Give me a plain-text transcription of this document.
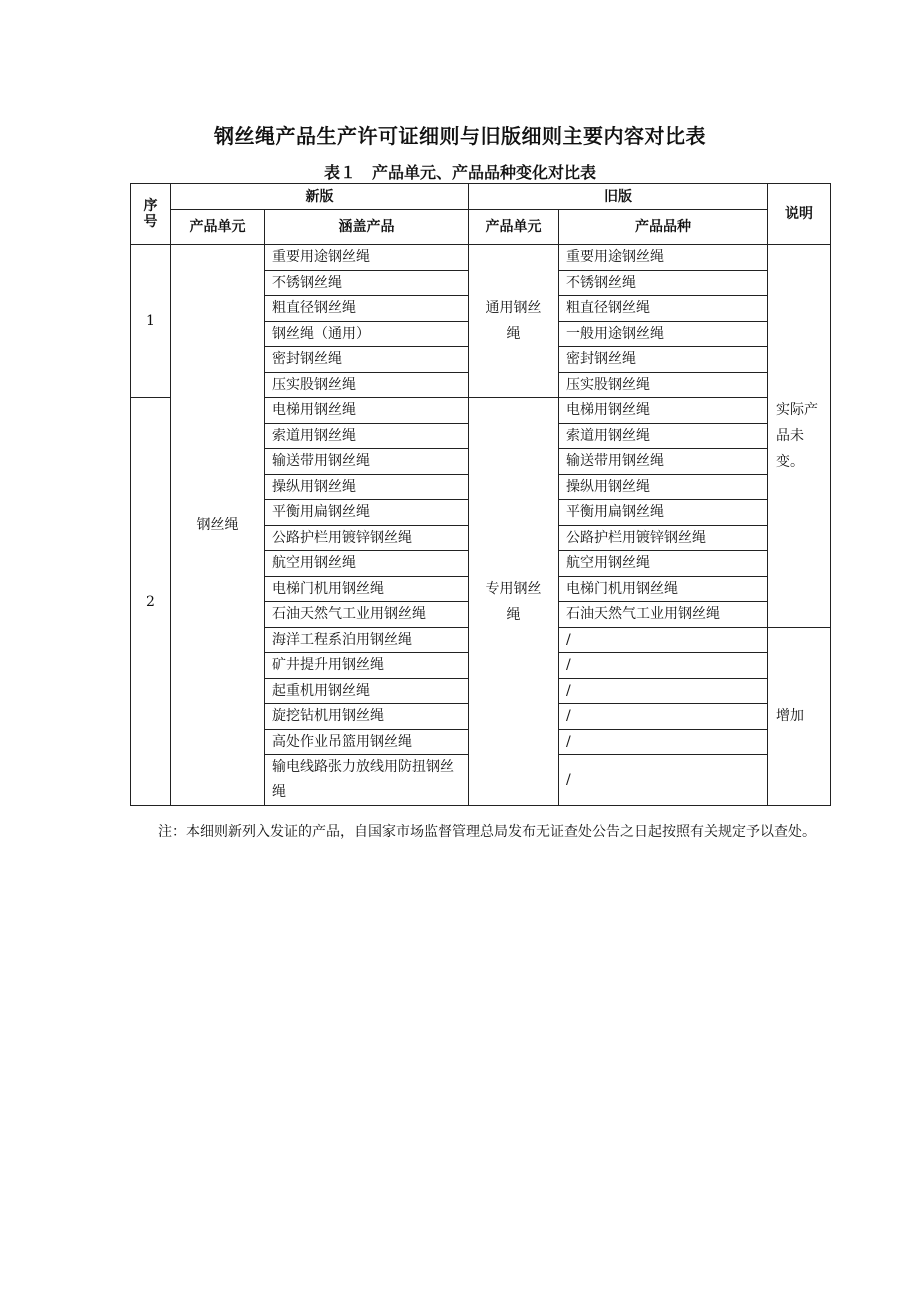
钢丝绳产品生产许可证细则与旧版细则主要内容对比表
表１　产品单元、产品品种变化对比表
序号	新版		旧版		说明
	产品单元	涵盖产品	产品单元	产品品种	
1	钢丝绳	重要用途钢丝绳	通用钢丝绳	重要用途钢丝绳	实际产品未变。
		不锈钢丝绳		不锈钢丝绳	
		粗直径钢丝绳		粗直径钢丝绳	
		钢丝绳（通用）		一般用途钢丝绳	
		密封钢丝绳		密封钢丝绳	
		压实股钢丝绳		压实股钢丝绳	
2		电梯用钢丝绳	专用钢丝绳	电梯用钢丝绳	
		索道用钢丝绳		索道用钢丝绳	
		输送带用钢丝绳		输送带用钢丝绳	
		操纵用钢丝绳		操纵用钢丝绳	
		平衡用扁钢丝绳		平衡用扁钢丝绳	
		公路护栏用镀锌钢丝绳		公路护栏用镀锌钢丝绳	
		航空用钢丝绳		航空用钢丝绳	
		电梯门机用钢丝绳		电梯门机用钢丝绳	
		石油天然气工业用钢丝绳		石油天然气工业用钢丝绳	
		海洋工程系泊用钢丝绳		/	增加
		矿井提升用钢丝绳		/	
		起重机用钢丝绳		/	
		旋挖钻机用钢丝绳		/	
		高处作业吊篮用钢丝绳		/	
		输电线路张力放线用防扭钢丝绳		/	
注：本细则新列入发证的产品，自国家市场监督管理总局发布无证查处公告之日起按照有关规定予以查处。
